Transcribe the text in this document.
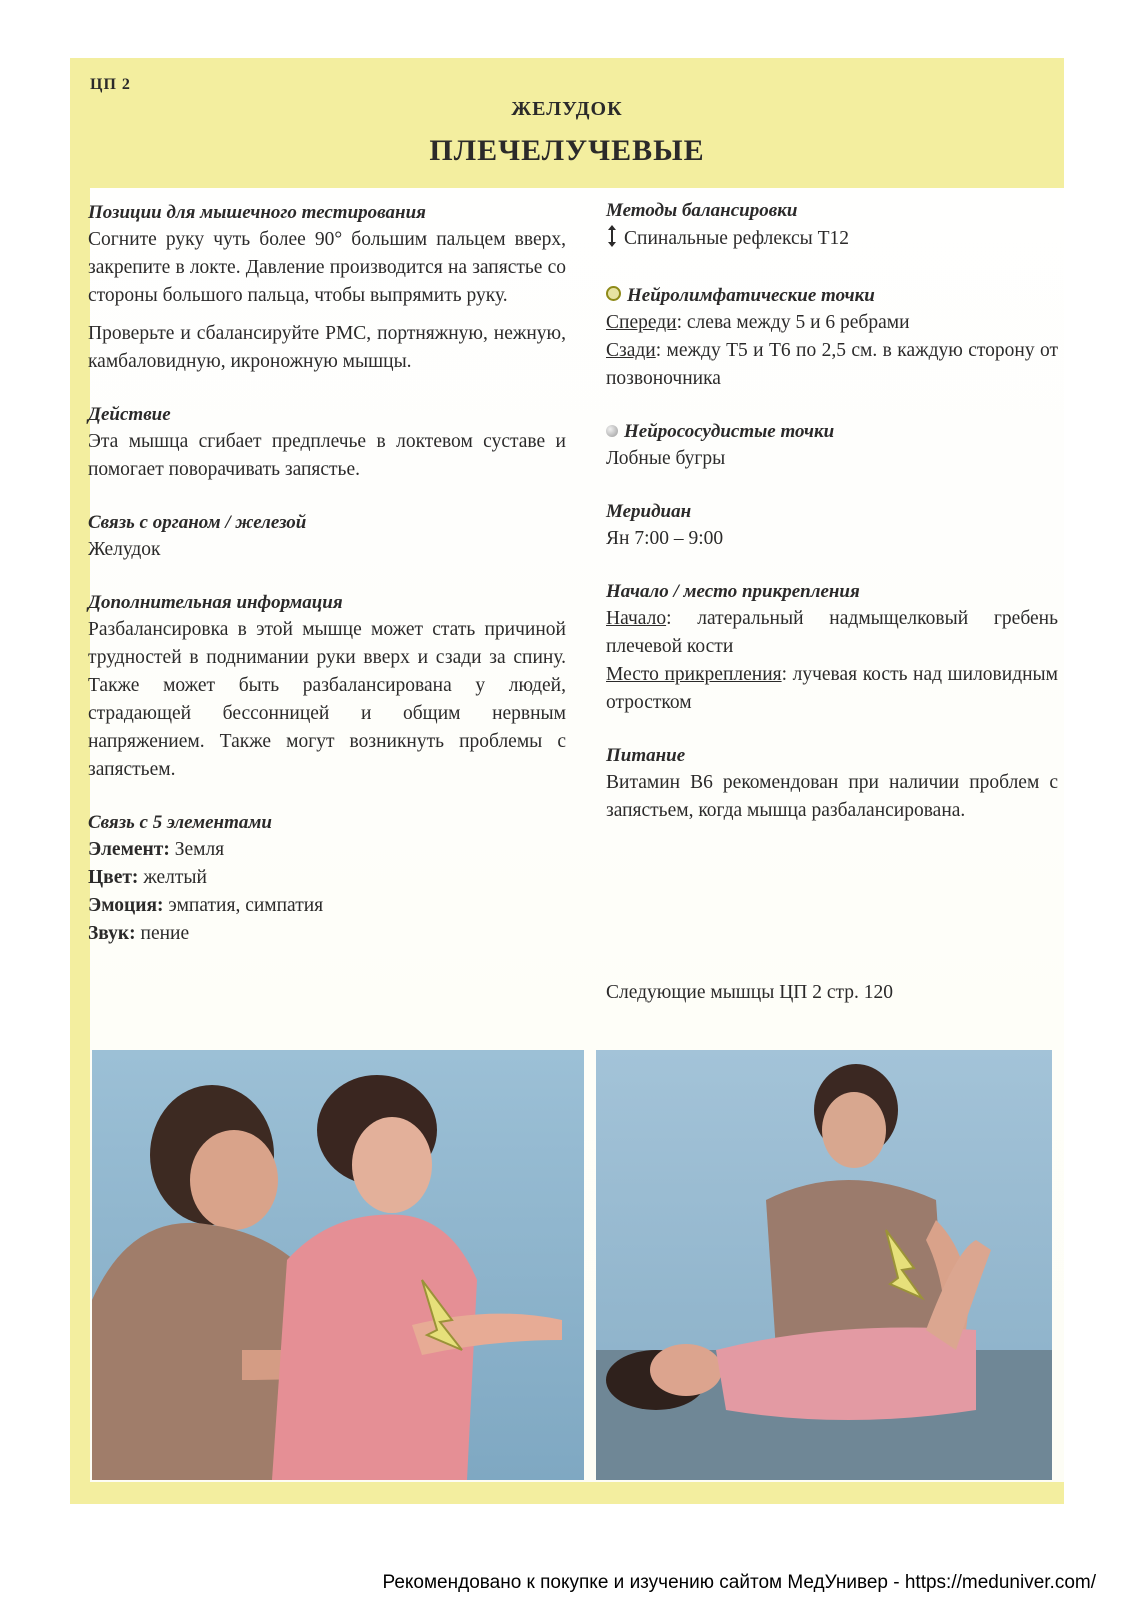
ЦП 2
ЖЕЛУДОК
ПЛЕЧЕЛУЧЕВЫЕ
Позиции для мышечного тестирования

Согните руку чуть более 90° большим пальцем вверх, закрепите в локте. Давление производится на запястье со стороны большого пальца, чтобы выпрямить руку.

Проверьте и сбалансируйте PMC, портняжную, нежную, камбаловидную, икроножную мышцы.

Действие

Эта мышца сгибает предплечье в локтевом суставе и помогает поворачивать запястье.

Связь с органом / железой

Желудок

Дополнительная информация

Разбалансировка в этой мышце может стать причиной трудностей в поднимании руки вверх и сзади за спину. Также может быть разбалансирована у людей, страдающей бессонницей и общим нервным напряжением. Также могут возникнуть проблемы с запястьем.

Связь с 5 элементами
Элемент: Земля
Цвет: желтый
Эмоция: эмпатия, симпатия
Звук: пение
Методы балансировки
Спинальные рефлексы T12
Нейролимфатические точки
Спереди: слева между 5 и 6 ребрами

Сзади: между T5 и T6 по 2,5 см. в каждую сторону от позвоночника

Нейрососудистые точки
Лобные бугры
Меридиан
Ян 7:00 – 9:00
Начало / место прикрепления

Начало: латеральный надмыщелковый гребень плечевой кости

Место прикрепления: лучевая кость над шиловидным отростком

Питание

Витамин B6 рекомендован при наличии проблем с запястьем, когда мышца разбалансирована.

Следующие мышцы ЦП 2 стр. 120
Рекомендовано к покупке и изучению сайтом МедУнивер - https://meduniver.com/
